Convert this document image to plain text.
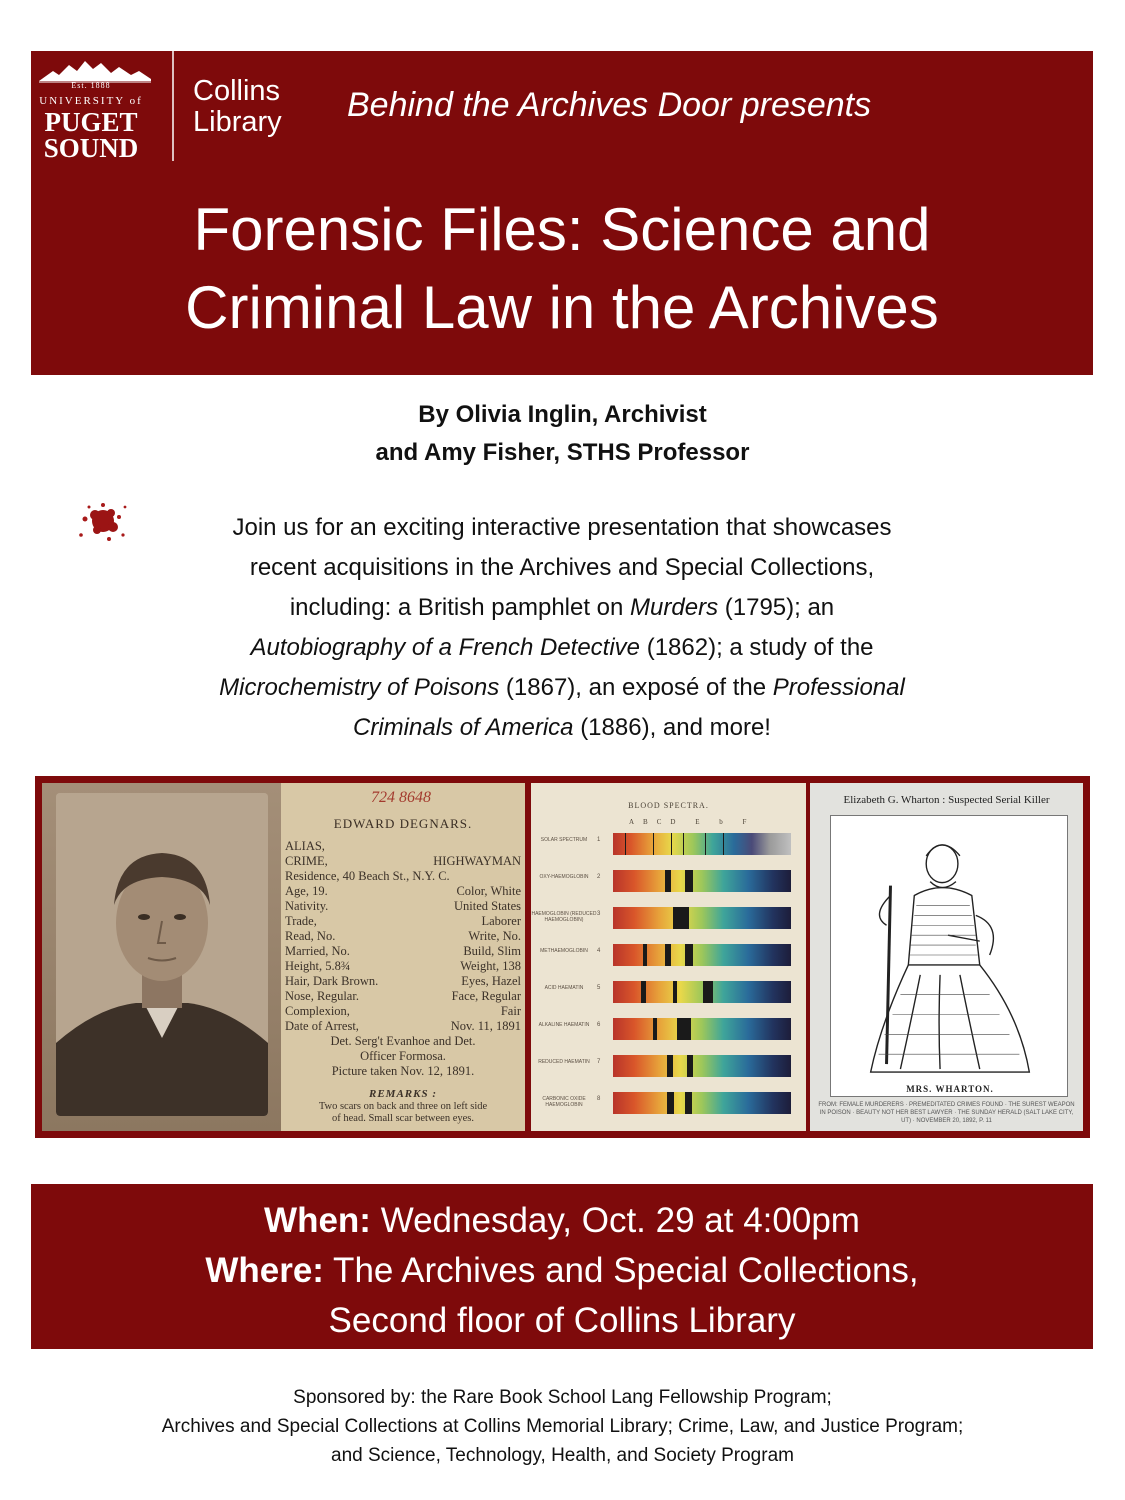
Est. 1888
UNIVERSITY of
PUGET
SOUND
Collins
Library Behind the Archives Door presents
Forensic Files: Science and
Criminal Law in the Archives
By Olivia Inglin, Archivist
and Amy Fisher, STHS Professor
Join us for an exciting interactive presentation that showcases
recent acquisitions in the Archives and Special Collections,
including: a British pamphlet on Murders (1795); an
Autobiography of a French Detective (1862); a study of the
Microchemistry of Poisons (1867), an exposé of the Professional
Criminals of America (1886), and more!
724 8648
EDWARD DEGNARS.
ALIAS,
CRIME,	HIGHWAYMAN
Residence, 40 Beach St., N.Y. C.
Age, 19.	Color, White
Nativity.	United States
Trade,	Laborer
Read, No.	Write, No.
Married, No.	Build, Slim
Height, 5.8¾	Weight, 138
Hair, Dark Brown.	Eyes, Hazel
Nose, Regular.	Face, Regular
Complexion,	Fair
Date of Arrest,	Nov. 11, 1891
Det. Serg't Evanhoe and Det.
Officer Formosa.
Picture taken Nov. 12, 1891.
REMARKS :
Two scars on back and three on left side
of head. Small scar between eyes.
BLOOD SPECTRA.
ABCD E b F
SOLAR SPECTRUM	1
OXY-HAEMOGLOBIN	2
HAEMOGLOBIN (REDUCED HAEMOGLOBIN)
3
METHAEMOGLOBIN	4
ACID HAEMATIN	5
ALKALINE HAEMATIN	6
REDUCED HAEMATIN	7
CARBONIC OXIDE HAEMOGLOBIN
8
Elizabeth G. Wharton : Suspected Serial Killer
MRS. WHARTON.
FROM: FEMALE MURDERERS · PREMEDITATED CRIMES FOUND · THE SUREST WEAPON IN POISON · BEAUTY NOT HER BEST LAWYER · THE SUNDAY HERALD (SALT LAKE CITY, UT) · NOVEMBER 20, 1892, P. 11
When: Wednesday, Oct. 29 at 4:00pm
Where: The Archives and Special Collections,
Second floor of Collins Library
Sponsored by: the Rare Book School Lang Fellowship Program;
Archives and Special Collections at Collins Memorial Library; Crime, Law, and Justice Program;
and Science, Technology, Health, and Society Program
